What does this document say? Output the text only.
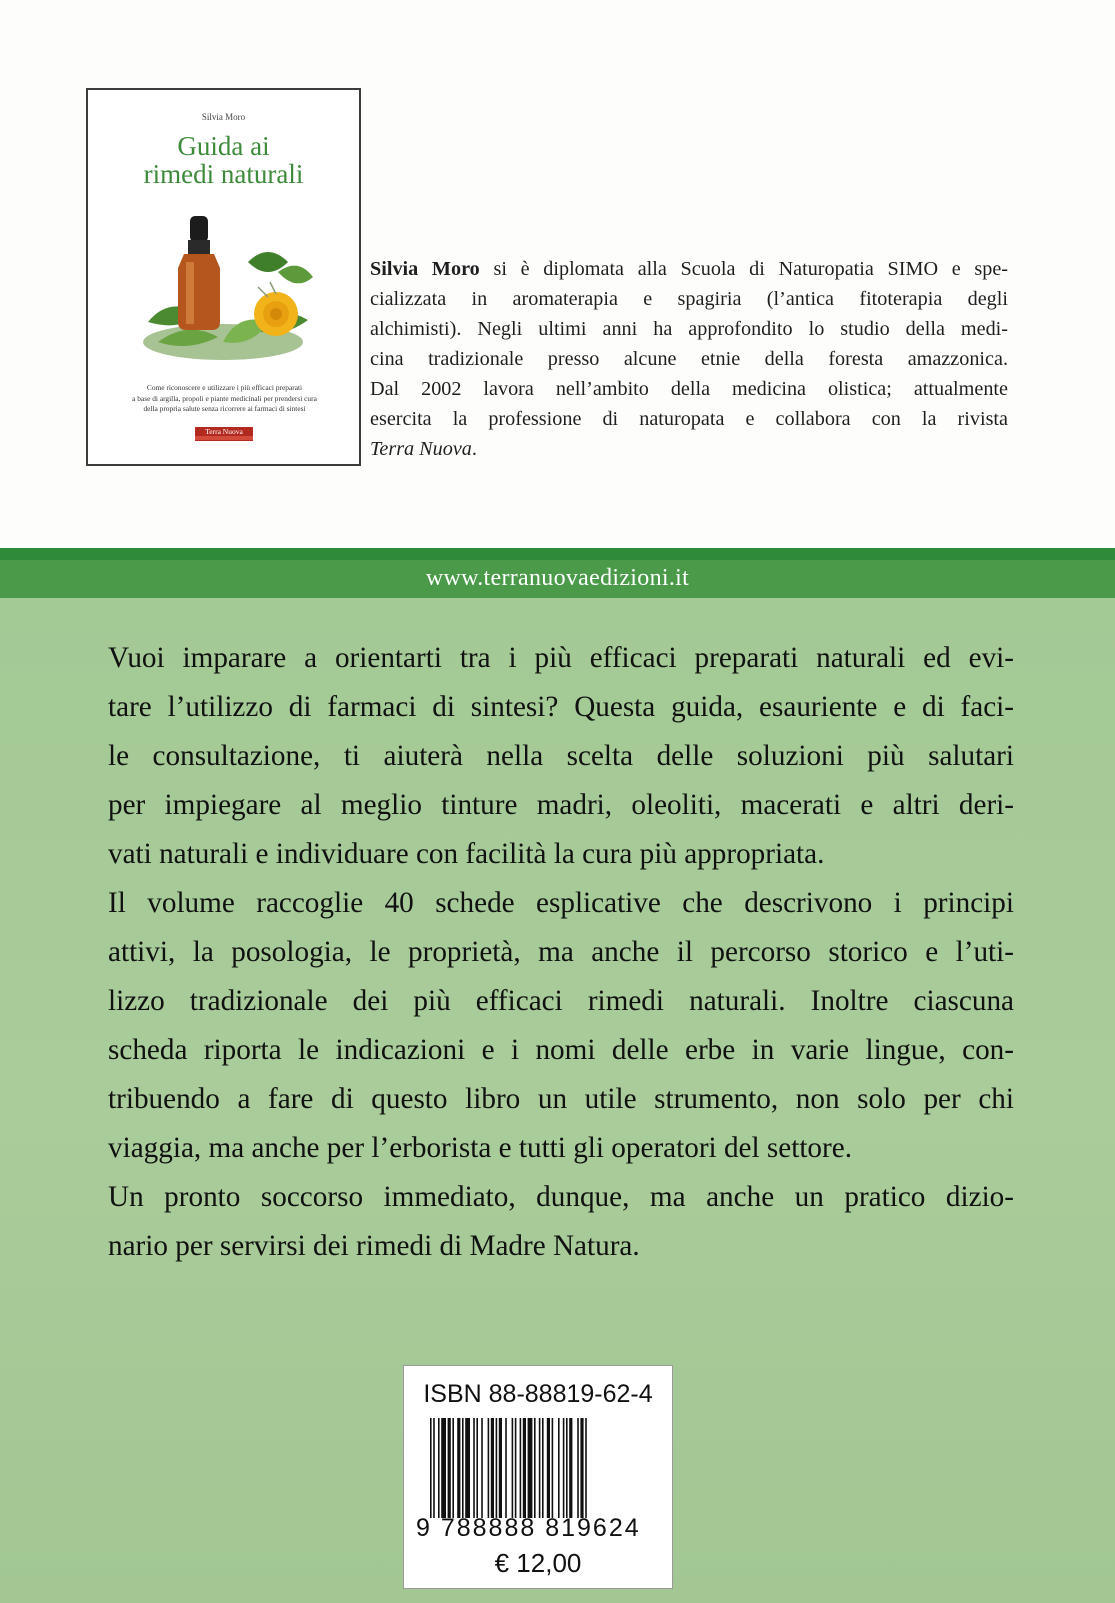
Silvia Moro
Guida ai
rimedi naturali
Come riconoscere e utilizzare i più efficaci preparati
a base di argilla, propoli e piante medicinali per prendersi cura
della propria salute senza ricorrere ai farmaci di sintesi
Terra Nuova
Silvia Moro si è diplomata alla Scuola di Naturopatia SIMO e spe-
cializzata in aromaterapia e spagiria (l’antica fitoterapia degli
alchimisti). Negli ultimi anni ha approfondito lo studio della medi-
cina tradizionale presso alcune etnie della foresta amazzonica.
Dal 2002 lavora nell’ambito della medicina olistica; attualmente
esercita la professione di naturopata e collabora con la rivista
Terra Nuova.
www.terranuovaedizioni.it
Vuoi imparare a orientarti tra i più efficaci preparati naturali ed evi-
tare l’utilizzo di farmaci di sintesi? Questa guida, esauriente e di faci-
le consultazione, ti aiuterà nella scelta delle soluzioni più salutari
per impiegare al meglio tinture madri, oleoliti, macerati e altri deri-
vati naturali e individuare con facilità la cura più appropriata.
Il volume raccoglie 40 schede esplicative che descrivono i principi
attivi, la posologia, le proprietà, ma anche il percorso storico e l’uti-
lizzo tradizionale dei più efficaci rimedi naturali. Inoltre ciascuna
scheda riporta le indicazioni e i nomi delle erbe in varie lingue, con-
tribuendo a fare di questo libro un utile strumento, non solo per chi
viaggia, ma anche per l’erborista e tutti gli operatori del settore.
Un pronto soccorso immediato, dunque, ma anche un pratico dizio-
nario per servirsi dei rimedi di Madre Natura.
ISBN 88-88819-62-4
9 788888 819624
€ 12,00
